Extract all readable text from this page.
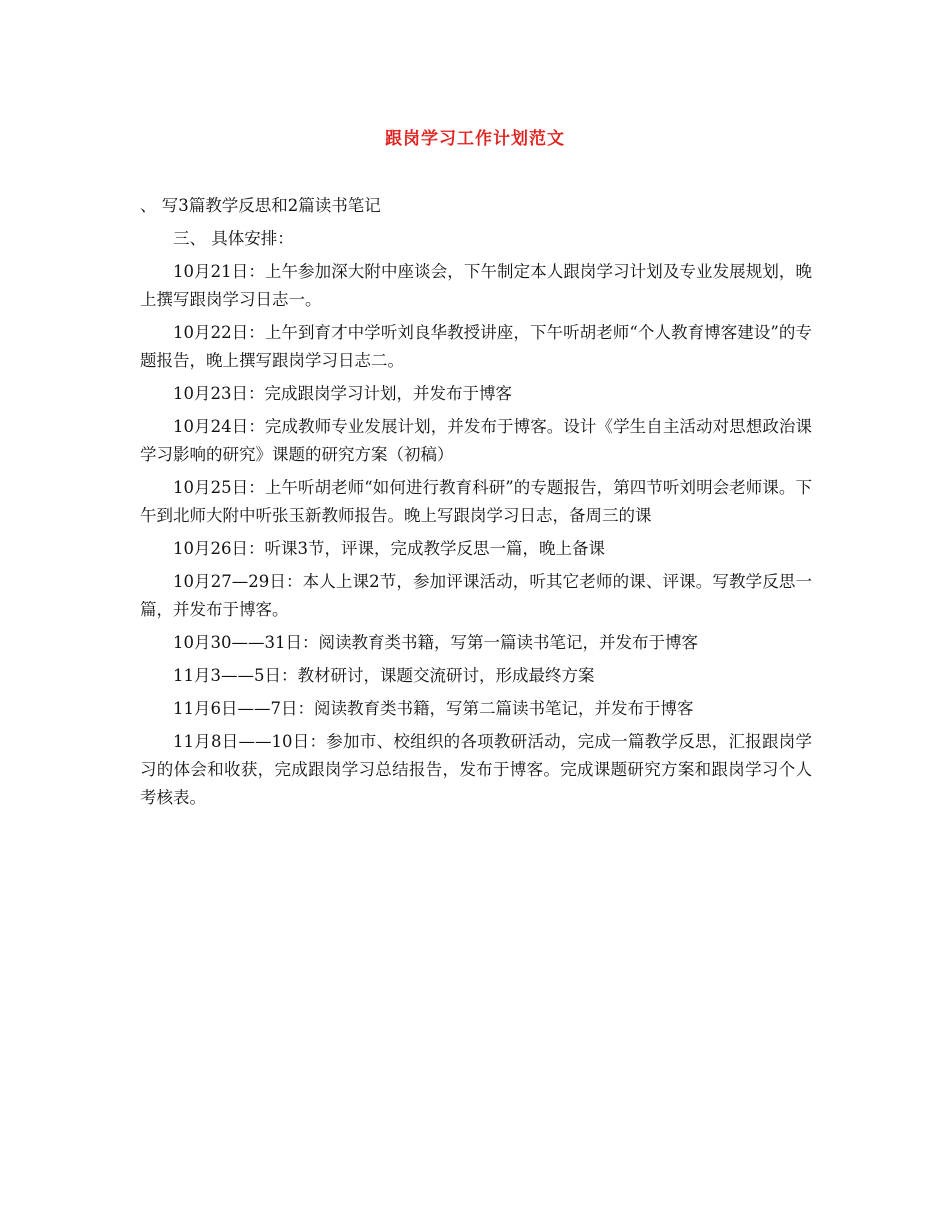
跟岗学习工作计划范文

、 写3篇教学反思和2篇读书笔记

三、 具体安排：

10月21日：上午参加深大附中座谈会，下午制定本人跟岗学习计划及专业发展规划，晚上撰写跟岗学习日志一。

10月22日：上午到育才中学听刘良华教授讲座，下午听胡老师“个人教育博客建设”的专题报告，晚上撰写跟岗学习日志二。

10月23日：完成跟岗学习计划，并发布于博客

10月24日：完成教师专业发展计划，并发布于博客。设计《学生自主活动对思想政治课学习影响的研究》课题的研究方案（初稿）

10月25日：上午听胡老师“如何进行教育科研”的专题报告，第四节听刘明会老师课。下午到北师大附中听张玉新教师报告。晚上写跟岗学习日志，备周三的课

10月26日：听课3节，评课，完成教学反思一篇，晚上备课

10月27—29日：本人上课2节，参加评课活动，听其它老师的课、评课。写教学反思一篇，并发布于博客。

10月30——31日：阅读教育类书籍，写第一篇读书笔记，并发布于博客

11月3——5日：教材研讨，课题交流研讨，形成最终方案

11月6日——7日：阅读教育类书籍，写第二篇读书笔记，并发布于博客

11月8日——10日：参加市、校组织的各项教研活动，完成一篇教学反思，汇报跟岗学习的体会和收获，完成跟岗学习总结报告，发布于博客。完成课题研究方案和跟岗学习个人考核表。
